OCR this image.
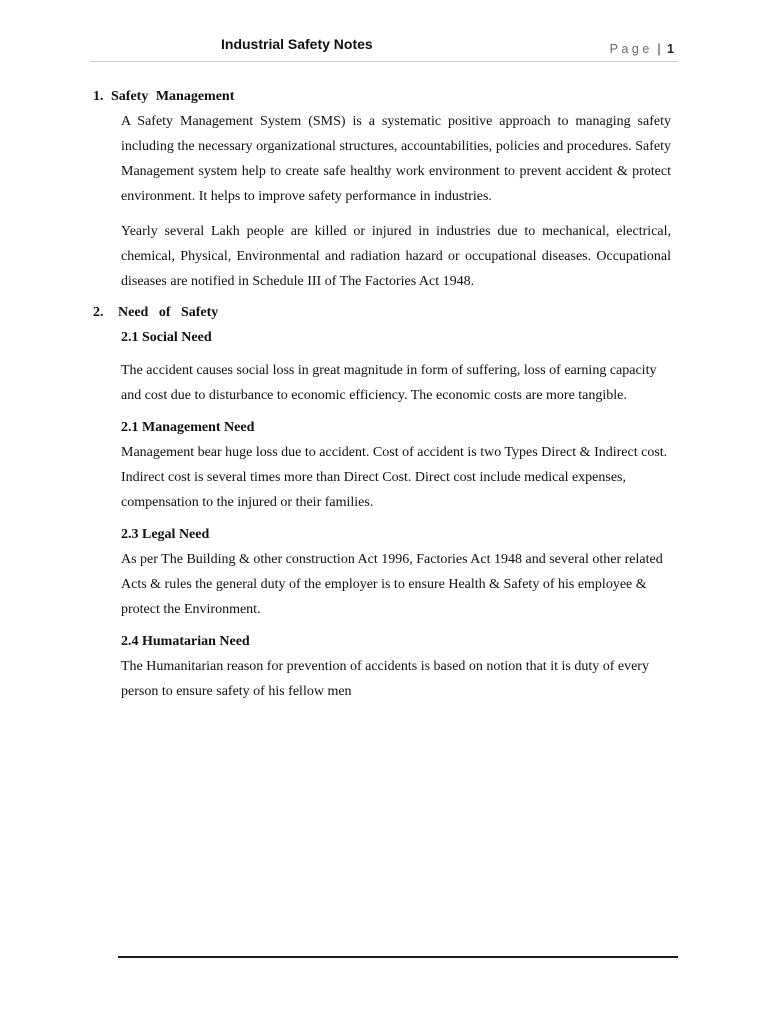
Industrial Safety Notes	Page | 1
1. Safety Management

A Safety Management System (SMS) is a systematic positive approach to managing safety including the necessary organizational structures, accountabilities, policies and procedures. Safety Management system help to create safe healthy work environment to prevent accident & protect environment. It helps to improve safety performance in industries.

Yearly several Lakh people are killed or injured in industries due to mechanical, electrical, chemical, Physical, Environmental and radiation hazard or occupational diseases. Occupational diseases are notified in Schedule III of The Factories Act 1948.

2. Need of Safety
2.1 Social Need

The accident causes social loss in great magnitude in form of suffering, loss of earning capacity and cost due to disturbance to economic efficiency. The economic costs are more tangible.

2.1 Management Need

Management bear huge loss due to accident. Cost of accident is two Types Direct & Indirect cost. Indirect cost is several times more than Direct Cost. Direct cost include medical expenses, compensation to the injured or their families.

2.3 Legal Need

As per The Building & other construction Act 1996, Factories Act 1948 and several other related Acts & rules the general duty of the employer is to ensure Health & Safety of his employee & protect the Environment.

2.4 Humatarian Need

The Humanitarian reason for prevention of accidents is based on notion that it is duty of every person to ensure safety of his fellow men
